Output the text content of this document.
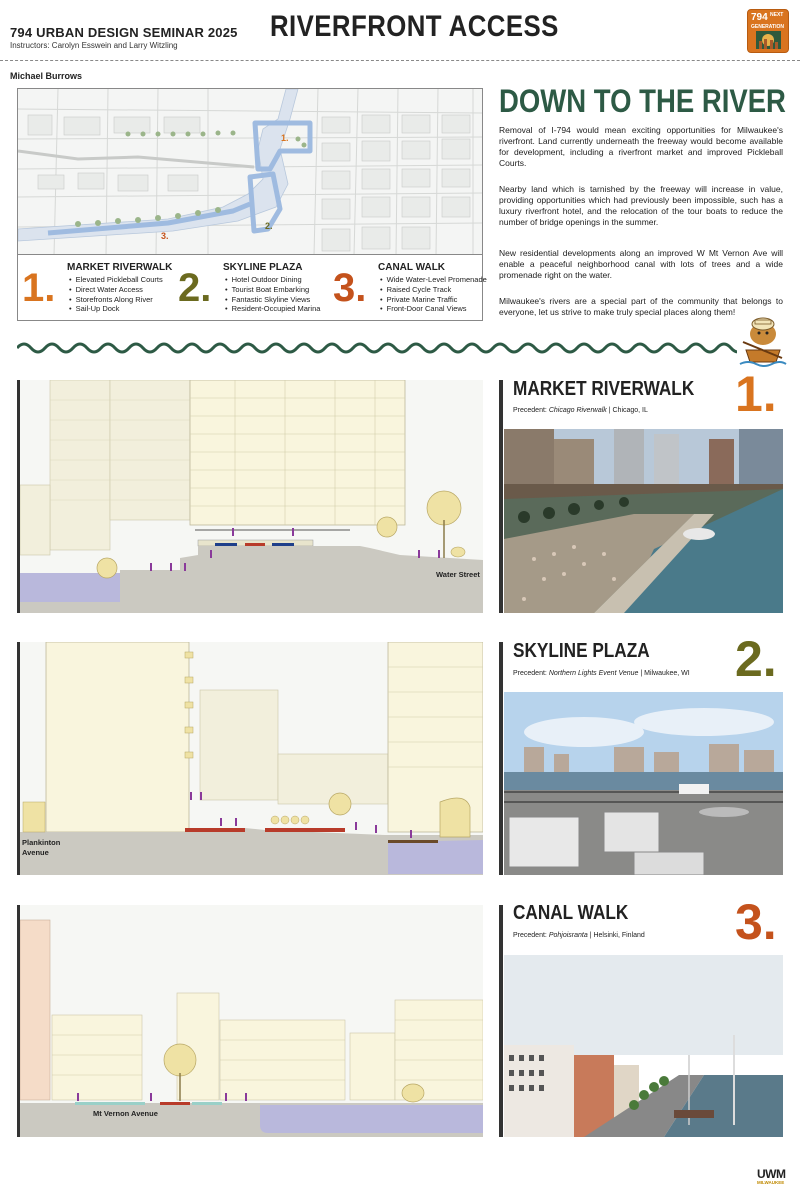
794 URBAN DESIGN SEMINAR 2025
Instructors: Carolyn Esswein and Larry Witzling
RIVERFRONT ACCESS	794 NEXT
GENERATION
Michael Burrows
1.
2.
3.
1. MARKET RIVERWALK
• Elevated Pickleball Courts
• Direct Water Access
• Storefronts Along River
• Sail-Up Dock	2. SKYLINE PLAZA
• Hotel Outdoor Dining
• Tourist Boat Embarking
• Fantastic Skyline Views
• Resident-Occupied Marina 3. CANAL WALK
• Wide Water-Level Promenade
• Raised Cycle Track
• Private Marine Traffic
• Front-Door Canal Views
DOWN TO THE RIVER
Removal of I-794 would mean exciting opportunities for Milwaukee's riverfront. Land currently underneath the freeway would become available for development, including a riverfront market and improved Pickleball Courts.
Nearby land which is tarnished by the freeway will increase in value, providing opportunities which had previously been impossible, such has a luxury riverfront hotel, and the relocation of the tour boats to reduce the number of bridge openings in the summer.
New residential developments along an improved W Mt Vernon Ave will enable a peaceful neighborhood canal with lots of trees and a wide promenade right on the water.
Milwaukee's rivers are a special part of the community that belongs to everyone, let us strive to make truly special places along them!
Water Street
MARKET RIVERWALK
Precedent: Chicago Riverwalk | Chicago, IL 1.
Plankinton
Avenue
SKYLINE PLAZA
Precedent: Northern Lights Event Venue | Milwaukee, WI 2.
Mt Vernon Avenue
CANAL WALK
Precedent: Pohjoisranta | Helsinki, Finland 3.
UWM
MILWAUKEE
